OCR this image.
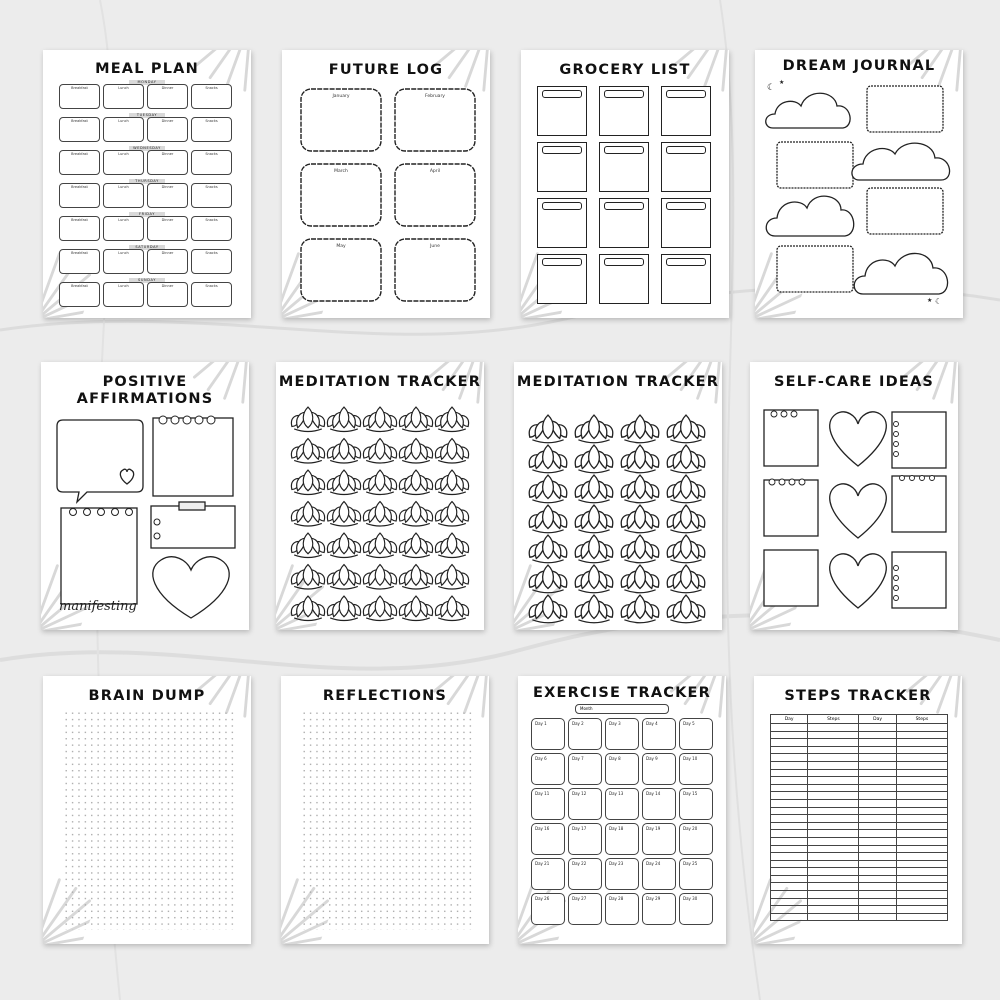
MEAL PLAN
MONDAY
Breakfast	Lunch	Dinner	Snacks
TUESDAY
Breakfast	Lunch	Dinner	Snacks
WEDNESDAY
Breakfast	Lunch	Dinner	Snacks
THURSDAY
Breakfast	Lunch	Dinner	Snacks
FRIDAY
Breakfast	Lunch	Dinner	Snacks
SATURDAY
Breakfast	Lunch	Dinner	Snacks
SUNDAY
Breakfast	Lunch	Dinner	Snacks
FUTURE LOG
January	February
March	April
May	June
GROCERY LIST	DREAM JOURNAL
☾
★
★ ☾
POSITIVE
AFFIRMATIONS
manifesting
MEDITATION TRACKER MEDITATION TRACKER	SELF-CARE IDEAS
BRAIN DUMP	REFLECTIONS	EXERCISE TRACKER
Month
Day 1	Day 2	Day 3	Day 4	Day 5
Day 6	Day 7	Day 8	Day 9	Day 10
Day 11	Day 12	Day 13	Day 14	Day 15
Day 16	Day 17	Day 18	Day 19	Day 20
Day 21	Day 22	Day 23	Day 24	Day 25
Day 26	Day 27	Day 28	Day 29	Day 30
STEPS TRACKER
Day	Steps	Day	Steps
